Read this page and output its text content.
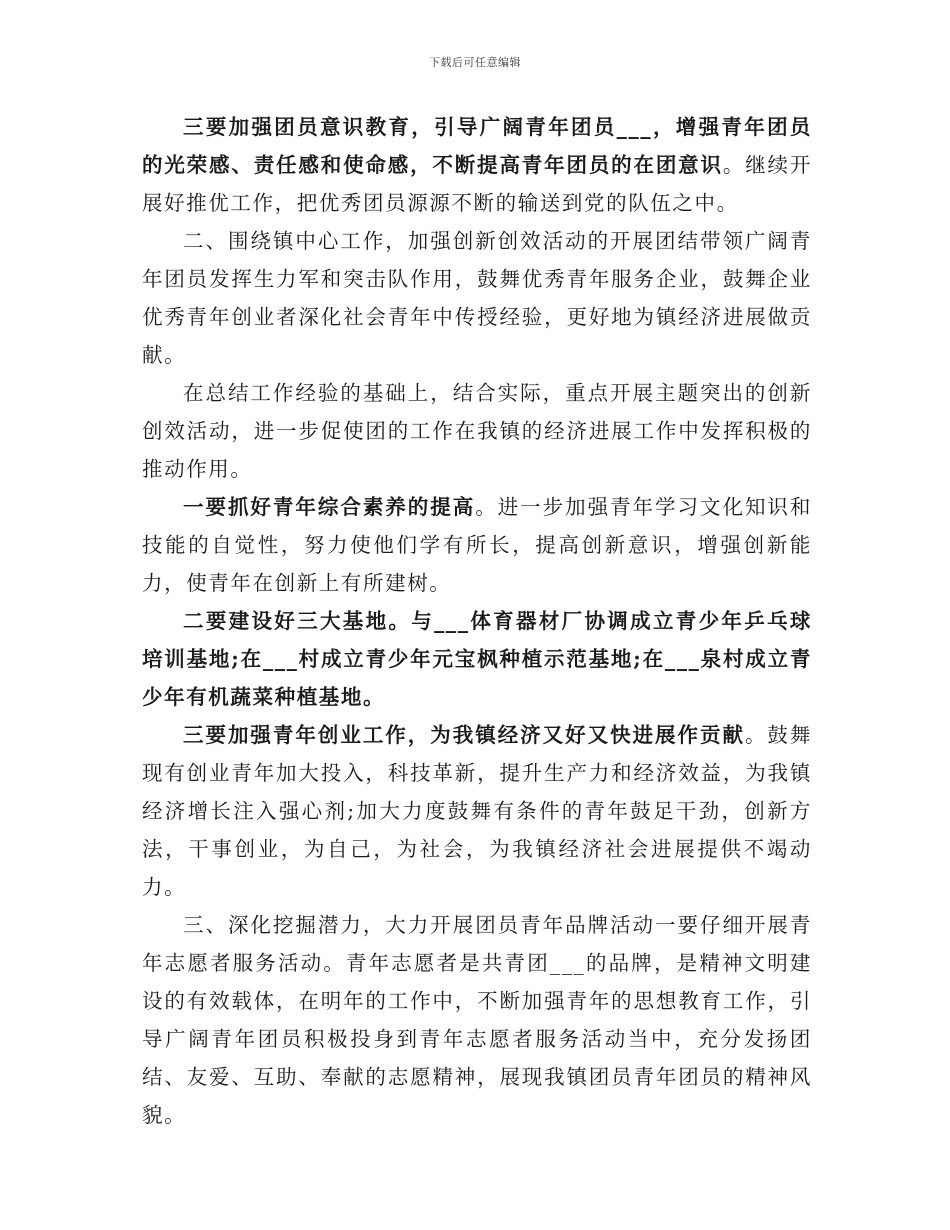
下载后可任意编辑

三要加强团员意识教育，引导广阔青年团员___，增强青年团员的光荣感、责任感和使命感，不断提高青年团员的在团意识。继续开展好推优工作，把优秀团员源源不断的输送到党的队伍之中。

二、围绕镇中心工作，加强创新创效活动的开展团结带领广阔青年团员发挥生力军和突击队作用，鼓舞优秀青年服务企业，鼓舞企业优秀青年创业者深化社会青年中传授经验，更好地为镇经济进展做贡献。

在总结工作经验的基础上，结合实际，重点开展主题突出的创新创效活动，进一步促使团的工作在我镇的经济进展工作中发挥积极的推动作用。

一要抓好青年综合素养的提高。进一步加强青年学习文化知识和技能的自觉性，努力使他们学有所长，提高创新意识，增强创新能力，使青年在创新上有所建树。

二要建设好三大基地。与___体育器材厂协调成立青少年乒乓球培训基地;在___村成立青少年元宝枫种植示范基地;在___泉村成立青少年有机蔬菜种植基地。

三要加强青年创业工作，为我镇经济又好又快进展作贡献。鼓舞现有创业青年加大投入，科技革新，提升生产力和经济效益，为我镇经济增长注入强心剂;加大力度鼓舞有条件的青年鼓足干劲，创新方法，干事创业，为自己，为社会，为我镇经济社会进展提供不竭动力。

三、深化挖掘潜力，大力开展团员青年品牌活动一要仔细开展青年志愿者服务活动。青年志愿者是共青团___的品牌，是精神文明建设的有效载体，在明年的工作中，不断加强青年的思想教育工作，引导广阔青年团员积极投身到青年志愿者服务活动当中，充分发扬团结、友爱、互助、奉献的志愿精神，展现我镇团员青年团员的精神风貌。
